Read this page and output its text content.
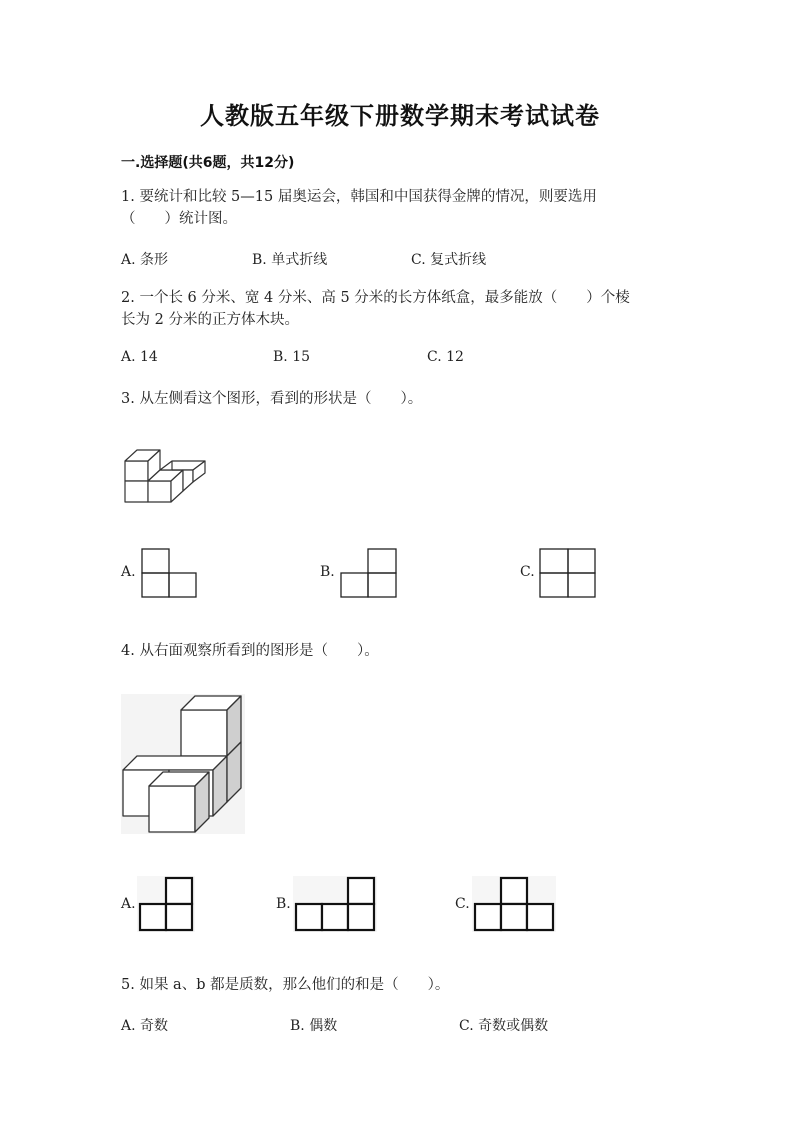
人教版五年级下册数学期末考试试卷
一.选择题(共6题，共12分)
1. 要统计和比较 5—15 届奥运会，韩国和中国获得金牌的情况，则要选用
（　　）统计图。
A. 条形	B. 单式折线	C. 复式折线
2. 一个长 6 分米、宽 4 分米、高 5 分米的长方体纸盒，最多能放（　　）个棱
长为 2 分米的正方体木块。
A. 14	B. 15	C. 12
3. 从左侧看这个图形，看到的形状是（　　）。
A.	B.	C.
4. 从右面观察所看到的图形是（　　）。
A.	B.	C.
5. 如果 a、b 都是质数，那么他们的和是（　　）。
A. 奇数	B. 偶数	C. 奇数或偶数
